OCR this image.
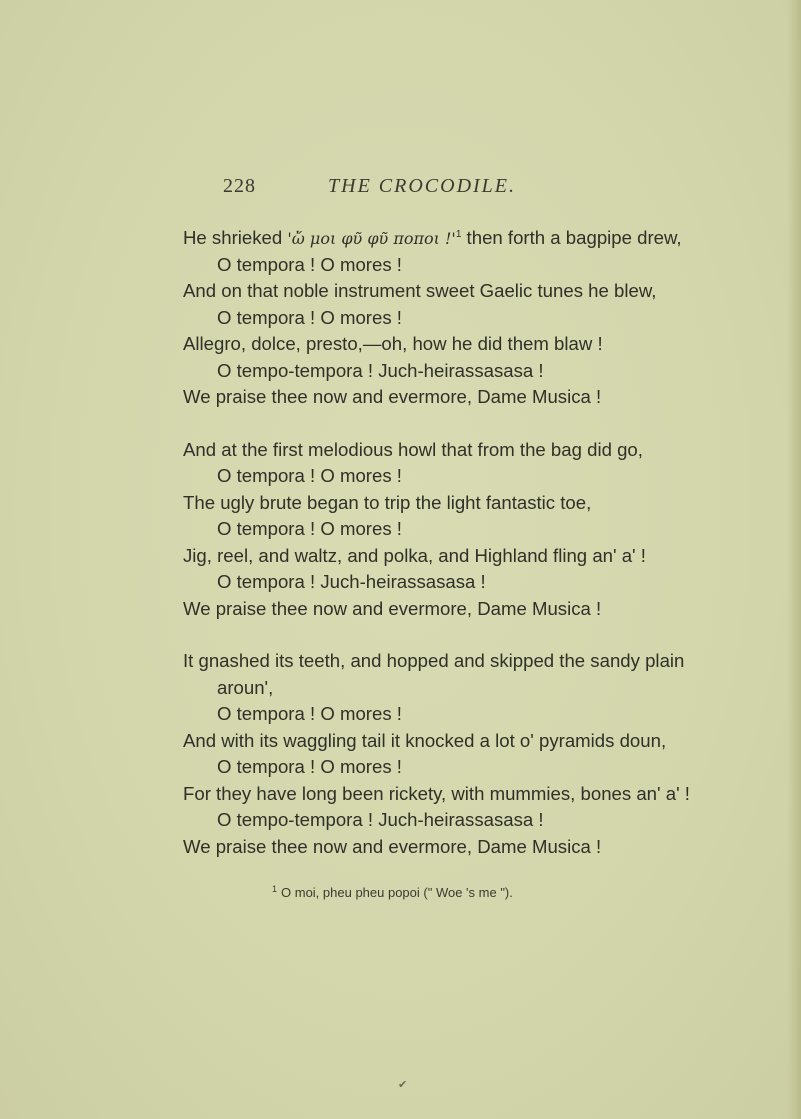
228	THE CROCODILE.
He shrieked 'ὤ μοι φῦ φῦ ποποι !'$^1$ then forth a bagpipe drew,
O tempora ! O mores !
And on that noble instrument sweet Gaelic tunes he blew,
O tempora ! O mores !
Allegro, dolce, presto,—oh, how he did them blaw !
O tempo-tempora ! Juch-heirassasasa !
We praise thee now and evermore, Dame Musica !
And at the first melodious howl that from the bag did go,
O tempora ! O mores !
The ugly brute began to trip the light fantastic toe,
O tempora ! O mores !
Jig, reel, and waltz, and polka, and Highland fling an' a' !
O tempora ! Juch-heirassasasa !
We praise thee now and evermore, Dame Musica !
It gnashed its teeth, and hopped and skipped the sandy plain
aroun',
O tempora ! O mores !
And with its waggling tail it knocked a lot o' pyramids doun,
O tempora ! O mores !
For they have long been rickety, with mummies, bones an' a' !
O tempo-tempora ! Juch-heirassasasa !
We praise thee now and evermore, Dame Musica !
$^1$ O moi, pheu pheu popoi (" Woe 's me ").
✔
